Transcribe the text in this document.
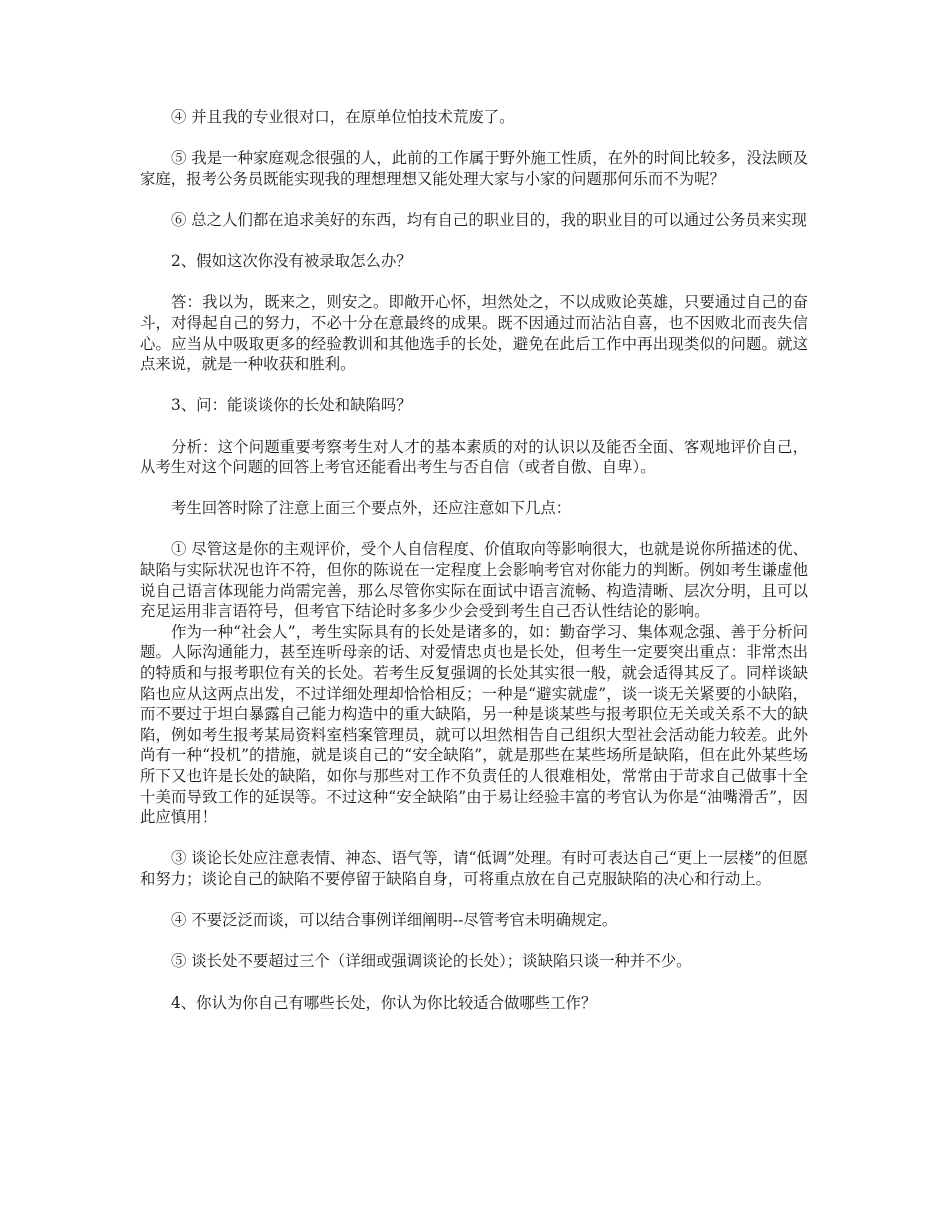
④ 并且我的专业很对口，在原单位怕技术荒废了。

⑤ 我是一种家庭观念很强的人，此前的工作属于野外施工性质，在外的时间比较多，没法顾及家庭，报考公务员既能实现我的理想理想又能处理大家与小家的问题那何乐而不为呢？

⑥ 总之人们都在追求美好的东西，均有自己的职业目的，我的职业目的可以通过公务员来实现

2、假如这次你没有被录取怎么办？

答：我以为，既来之，则安之。即敞开心怀，坦然处之，不以成败论英雄，只要通过自己的奋斗，对得起自己的努力，不必十分在意最终的成果。既不因通过而沾沾自喜，也不因败北而丧失信心。应当从中吸取更多的经验教训和其他选手的长处，避免在此后工作中再出现类似的问题。就这点来说，就是一种收获和胜利。

3、问：能谈谈你的长处和缺陷吗？

分析：这个问题重要考察考生对人才的基本素质的对的认识以及能否全面、客观地评价自己，从考生对这个问题的回答上考官还能看出考生与否自信（或者自傲、自卑）。

考生回答时除了注意上面三个要点外，还应注意如下几点：

① 尽管这是你的主观评价，受个人自信程度、价值取向等影响很大，也就是说你所描述的优、缺陷与实际状况也许不符，但你的陈说在一定程度上会影响考官对你能力的判断。例如考生谦虚他说自己语言体现能力尚需完善，那么尽管你实际在面试中语言流畅、构造清晰、层次分明，且可以充足运用非言语符号，但考官下结论时多多少少会受到考生自己否认性结论的影响。

作为一种“社会人”，考生实际具有的长处是诸多的，如：勤奋学习、集体观念强、善于分析问题。人际沟通能力，甚至连听母亲的话、对爱情忠贞也是长处，但考生一定要突出重点：非常杰出的特质和与报考职位有关的长处。若考生反复强调的长处其实很一般，就会适得其反了。同样谈缺陷也应从这两点出发，不过详细处理却恰恰相反；一种是“避实就虚”，谈一谈无关紧要的小缺陷，而不要过于坦白暴露自己能力构造中的重大缺陷，另一种是谈某些与报考职位无关或关系不大的缺陷，例如考生报考某局资料室档案管理员，就可以坦然相告自己组织大型社会活动能力较差。此外尚有一种“投机”的措施，就是谈自己的“安全缺陷”，就是那些在某些场所是缺陷，但在此外某些场所下又也许是长处的缺陷，如你与那些对工作不负责任的人很难相处，常常由于苛求自己做事十全十美而导致工作的延误等。不过这种“安全缺陷”由于易让经验丰富的考官认为你是“油嘴滑舌”，因此应慎用！

③ 谈论长处应注意表情、神态、语气等，请“低调”处理。有时可表达自己“更上一层楼”的但愿和努力；谈论自己的缺陷不要停留于缺陷自身，可将重点放在自己克服缺陷的决心和行动上。

④ 不要泛泛而谈，可以结合事例详细阐明--尽管考官未明确规定。

⑤ 谈长处不要超过三个（详细或强调谈论的长处）；谈缺陷只谈一种并不少。

4、你认为你自己有哪些长处，你认为你比较适合做哪些工作？
